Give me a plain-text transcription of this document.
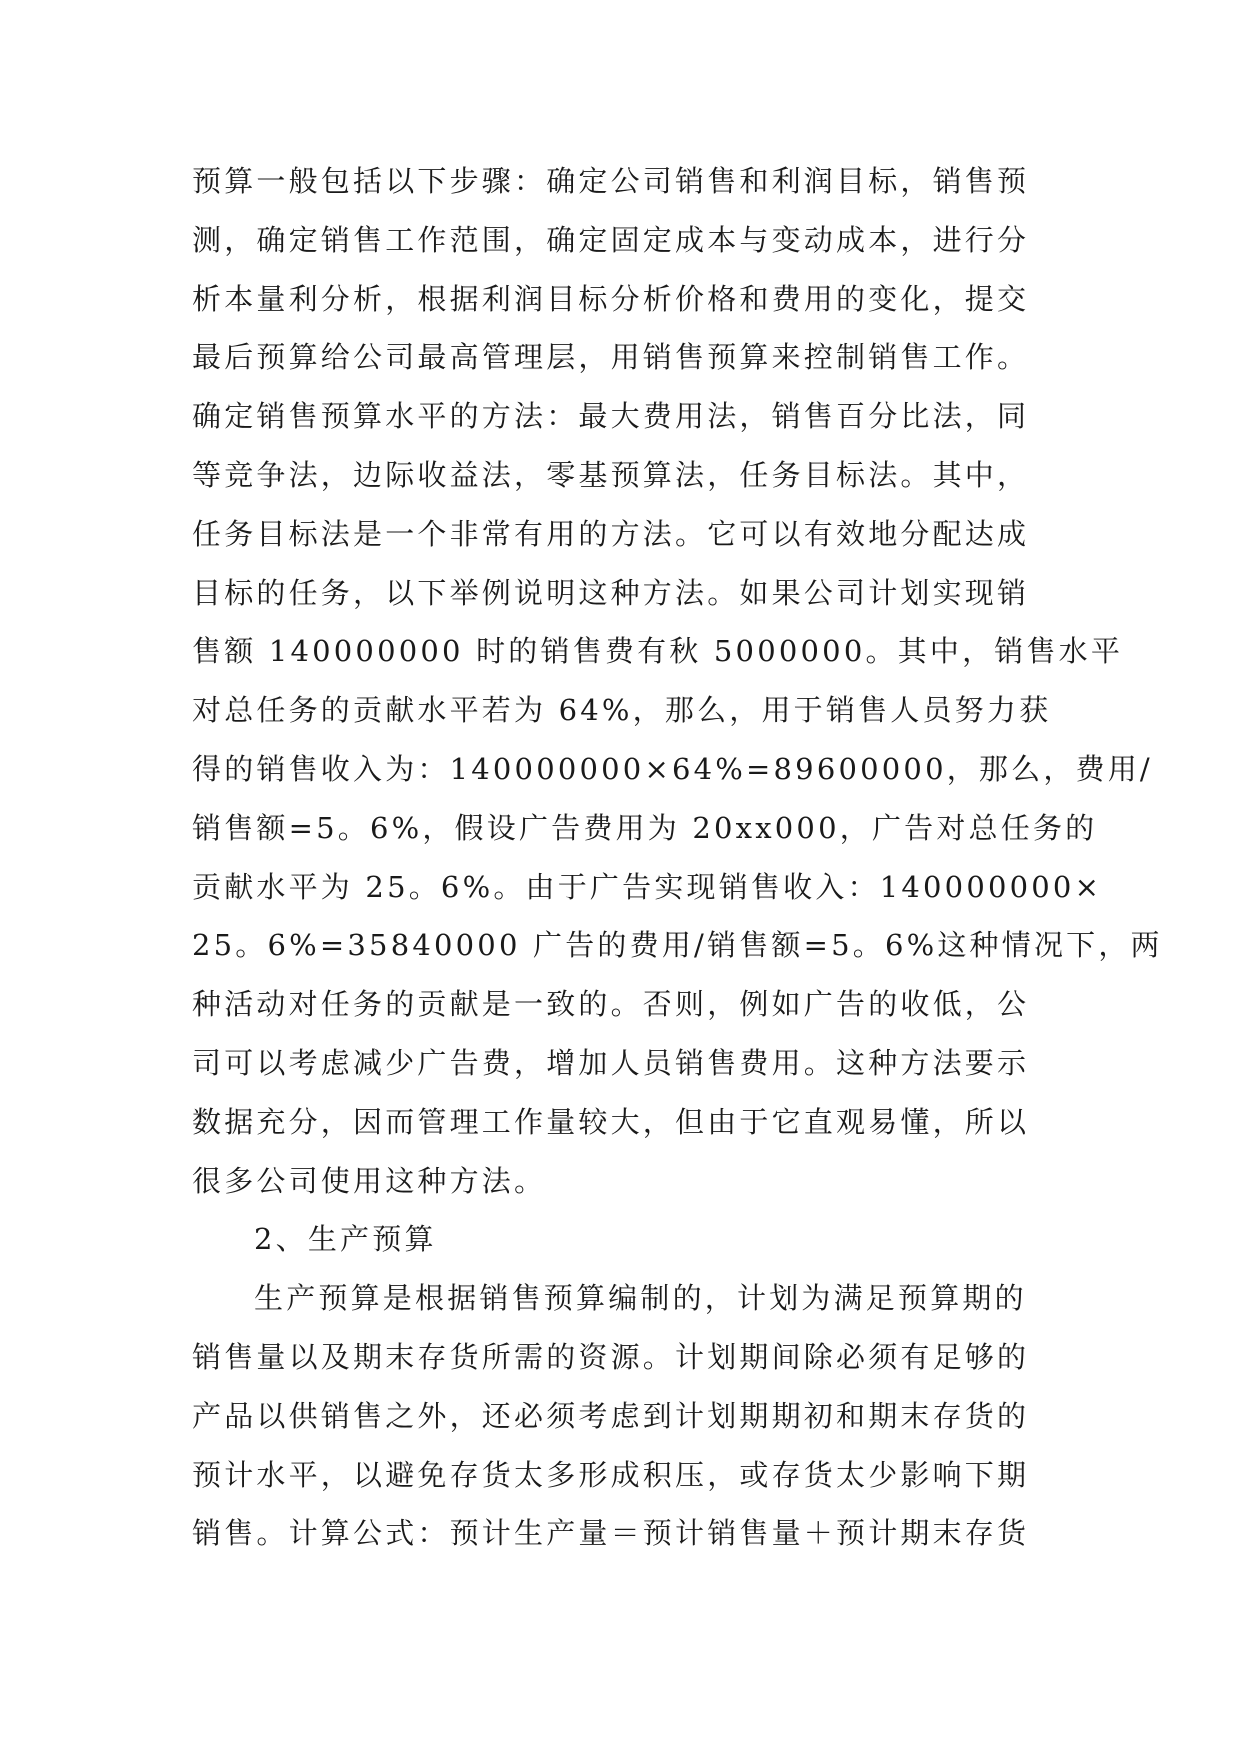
预算一般包括以下步骤：确定公司销售和利润目标，销售预
测，确定销售工作范围，确定固定成本与变动成本，进行分
析本量利分析，根据利润目标分析价格和费用的变化，提交
最后预算给公司最高管理层，用销售预算来控制销售工作。
确定销售预算水平的方法：最大费用法，销售百分比法，同
等竞争法，边际收益法，零基预算法，任务目标法。其中，
任务目标法是一个非常有用的方法。它可以有效地分配达成
目标的任务，以下举例说明这种方法。如果公司计划实现销
售额 140000000 时的销售费有秋 5000000。其中，销售水平
对总任务的贡献水平若为 64%，那么，用于销售人员努力获
得的销售收入为：140000000×64%=89600000，那么，费用/
销售额=5。6%，假设广告费用为 20xx000，广告对总任务的
贡献水平为 25。6%。由于广告实现销售收入：140000000×
25。6%=35840000 广告的费用/销售额=5。6%这种情况下，两
种活动对任务的贡献是一致的。否则，例如广告的收低，公
司可以考虑减少广告费，增加人员销售费用。这种方法要示
数据充分，因而管理工作量较大，但由于它直观易懂，所以
很多公司使用这种方法。
2、生产预算
生产预算是根据销售预算编制的，计划为满足预算期的
销售量以及期末存货所需的资源。计划期间除必须有足够的
产品以供销售之外，还必须考虑到计划期期初和期末存货的
预计水平，以避免存货太多形成积压，或存货太少影响下期
销售。计算公式：预计生产量＝预计销售量＋预计期末存货
